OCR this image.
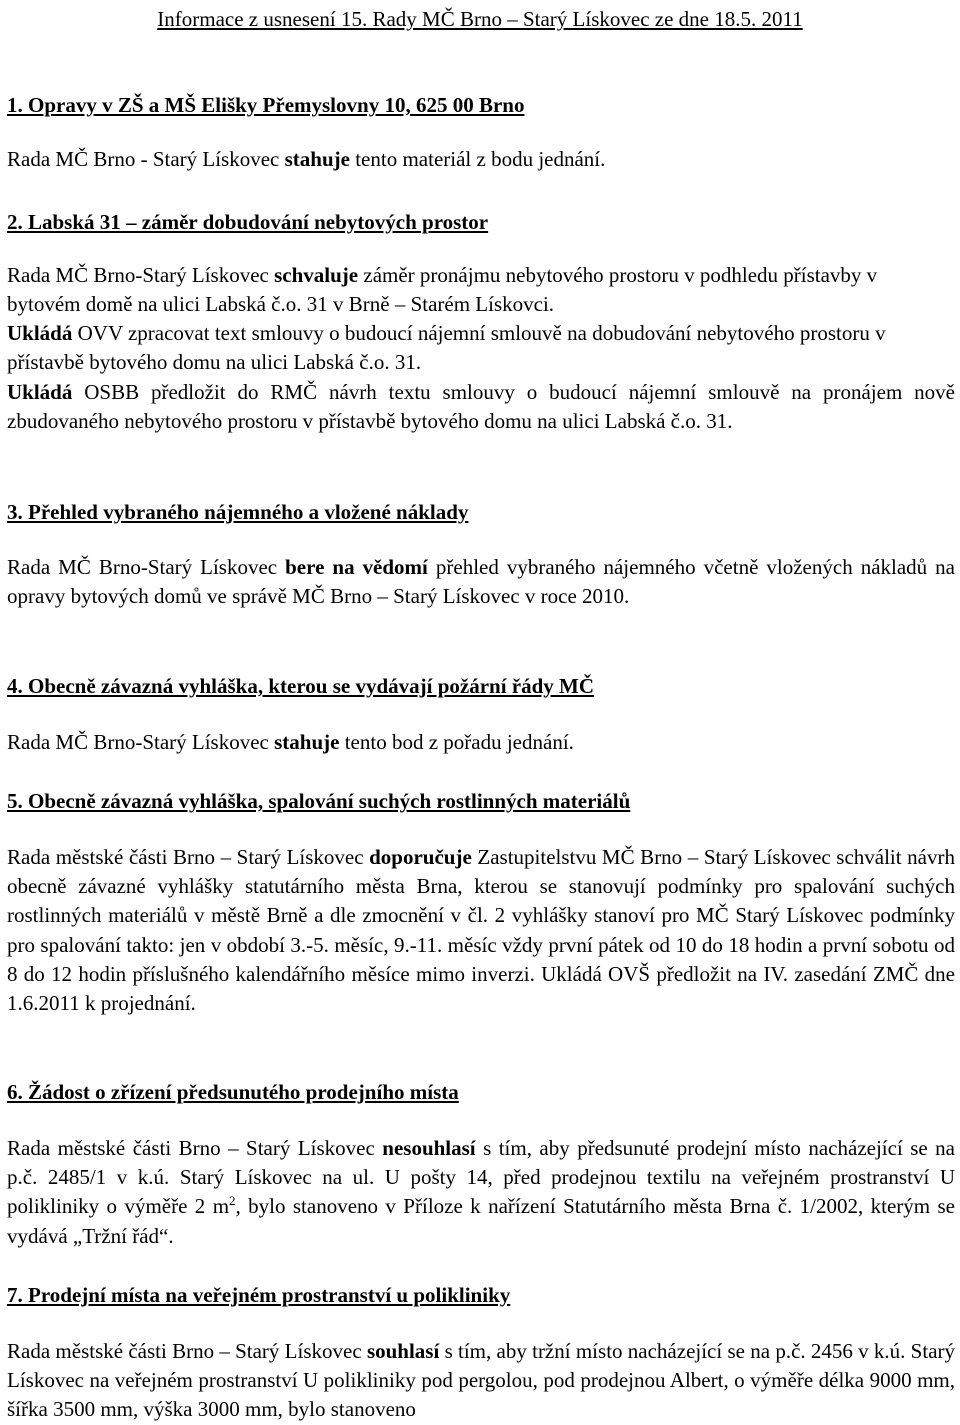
Informace z usnesení 15. Rady MČ Brno – Starý Lískovec ze dne 18.5. 2011
1. Opravy v ZŠ a MŠ Elišky Přemyslovny 10, 625 00 Brno
Rada MČ Brno - Starý Lískovec stahuje tento materiál z bodu jednání.
2. Labská 31 – záměr dobudování nebytových prostor
Rada MČ Brno-Starý Lískovec schvaluje záměr pronájmu nebytového prostoru v podhledu přístavby v bytovém domě na ulici Labská č.o. 31 v Brně – Starém Lískovci.
Ukládá OVV zpracovat text smlouvy o budoucí nájemní smlouvě na dobudování nebytového prostoru v přístavbě bytového domu na ulici Labská č.o. 31.
Ukládá OSBB předložit do RMČ návrh textu smlouvy o budoucí nájemní smlouvě na pronájem nově zbudovaného nebytového prostoru v přístavbě bytového domu na ulici Labská č.o. 31.
3. Přehled vybraného nájemného a vložené náklady
Rada MČ Brno-Starý Lískovec bere na vědomí přehled vybraného nájemného včetně vložených nákladů na opravy bytových domů ve správě MČ Brno – Starý Lískovec v roce 2010.
4. Obecně závazná vyhláška, kterou se vydávají požární řády MČ
Rada MČ Brno-Starý Lískovec stahuje tento bod z pořadu jednání.
5. Obecně závazná vyhláška, spalování suchých rostlinných materiálů
Rada městské části Brno – Starý Lískovec doporučuje Zastupitelstvu MČ Brno – Starý Lískovec schválit návrh obecně závazné vyhlášky statutárního města Brna, kterou se stanovují podmínky pro spalování suchých rostlinných materiálů v městě Brně a dle zmocnění v čl. 2 vyhlášky stanoví pro MČ Starý Lískovec podmínky pro spalování takto: jen v období 3.-5. měsíc, 9.-11. měsíc vždy první pátek od 10 do 18 hodin a první sobotu od 8 do 12 hodin příslušného kalendářního měsíce mimo inverzi. Ukládá OVŠ předložit na IV. zasedání ZMČ dne 1.6.2011 k projednání.
6. Žádost o zřízení předsunutého prodejního místa
Rada městské části Brno – Starý Lískovec nesouhlasí s tím, aby předsunuté prodejní místo nacházející se na p.č. 2485/1 v k.ú. Starý Lískovec na ul. U pošty 14, před prodejnou textilu na veřejném prostranství U polikliniky o výměře 2 $m^2$, bylo stanoveno v Příloze k nařízení Statutárního města Brna č. 1/2002, kterým se vydává „Tržní řád“.
7. Prodejní místa na veřejném prostranství u polikliniky
Rada městské části Brno – Starý Lískovec souhlasí s tím, aby tržní místo nacházející se na p.č. 2456 v k.ú. Starý Lískovec na veřejném prostranství U polikliniky pod pergolou, pod prodejnou Albert, o výměře délka 9000 mm, šířka 3500 mm, výška 3000 mm, bylo stanoveno
